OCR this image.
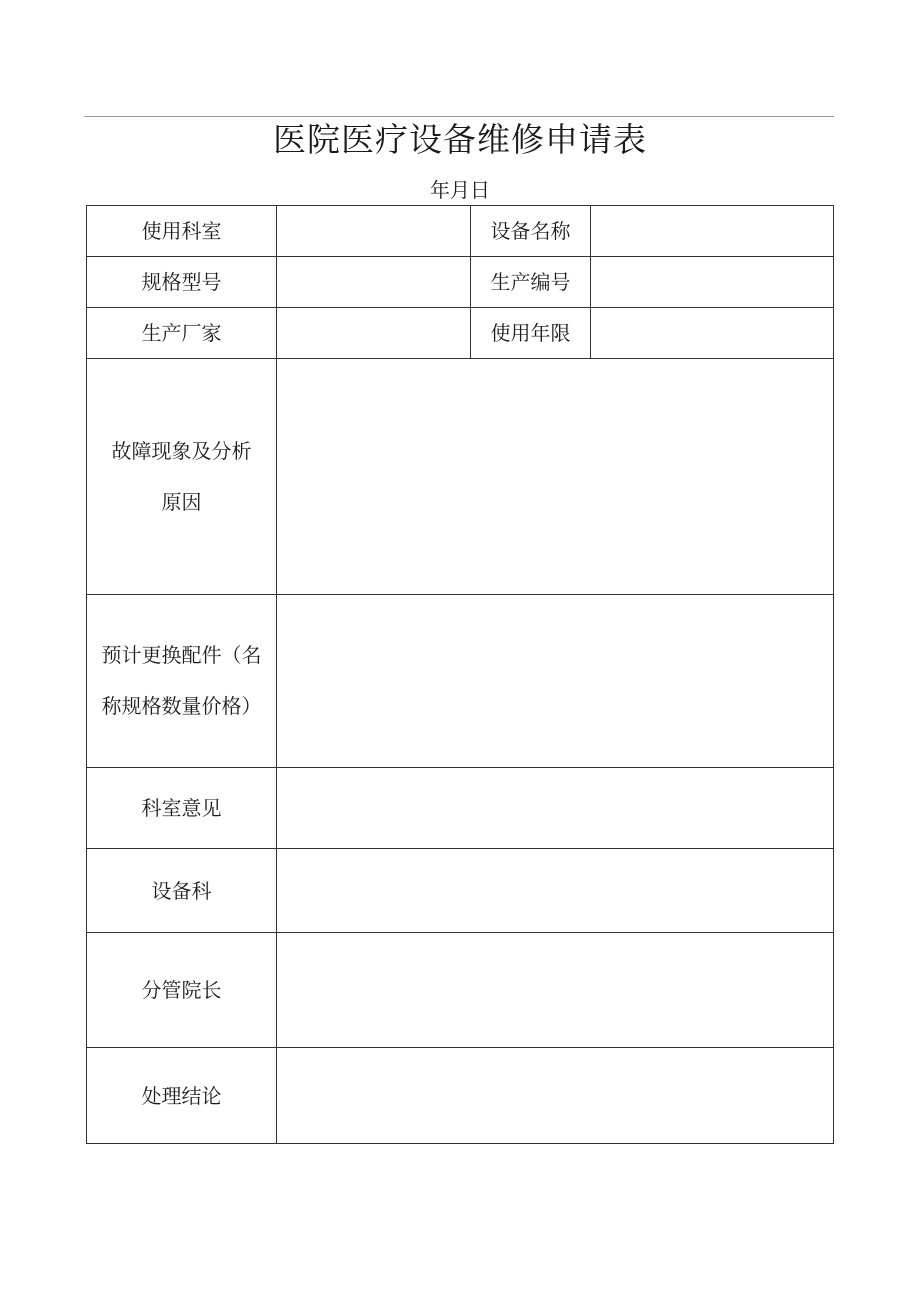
医院医疗设备维修申请表
年月日
使用科室		设备名称	
规格型号		生产编号	
生产厂家		使用年限	

故障现象及分析
原因			

预计更换配件（名
称规格数量价格）			

科室意见			
设备科			
分管院长			
处理结论			
